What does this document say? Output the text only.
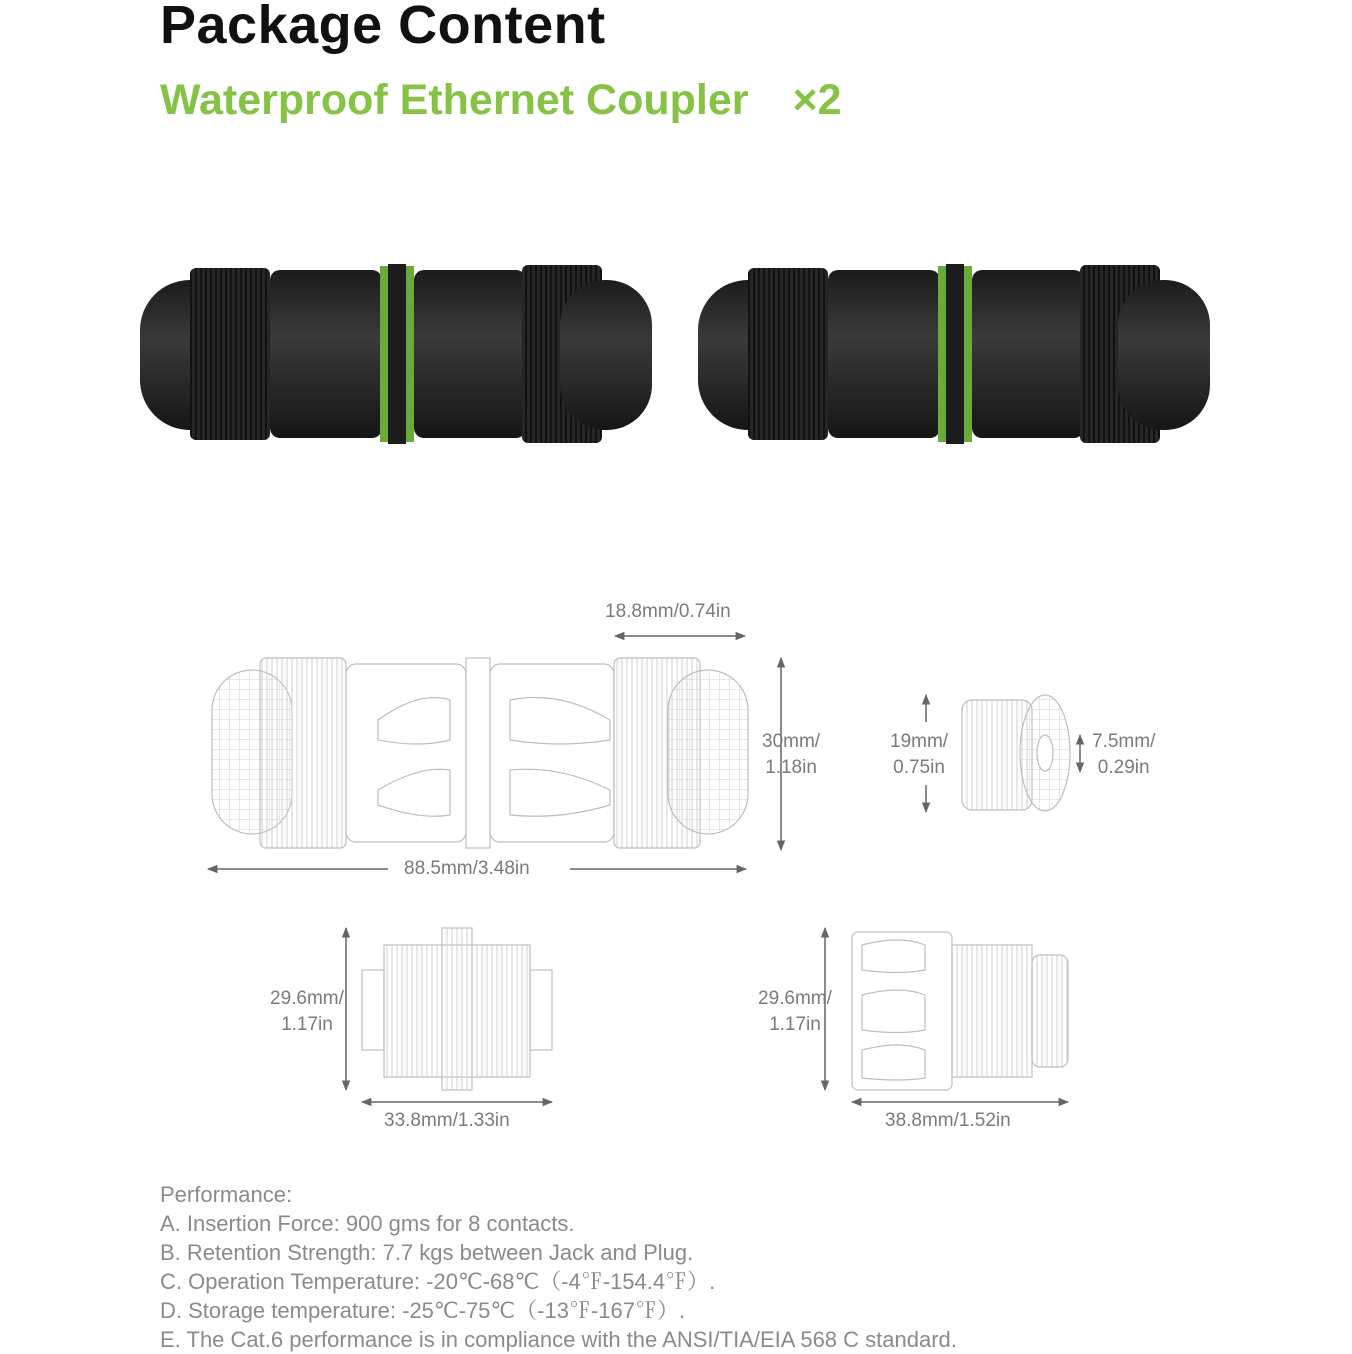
Package Content
Waterproof Ethernet Coupler ×2
18.8mm/0.74in
30mm/
1.18in
88.5mm/3.48in
19mm/
0.75in
7.5mm/
0.29in
29.6mm/
1.17in
33.8mm/1.33in
29.6mm/
1.17in
38.8mm/1.52in
Performance:
A. Insertion Force: 900 gms for 8 contacts.
B. Retention Strength: 7.7 kgs between Jack and Plug.
C. Operation Temperature: -20℃-68℃（-4℉-154.4℉）.
D. Storage temperature: -25℃-75℃（-13℉-167℉）.
E. The Cat.6 performance is in compliance with the ANSI/TIA/EIA 568 C standard.
